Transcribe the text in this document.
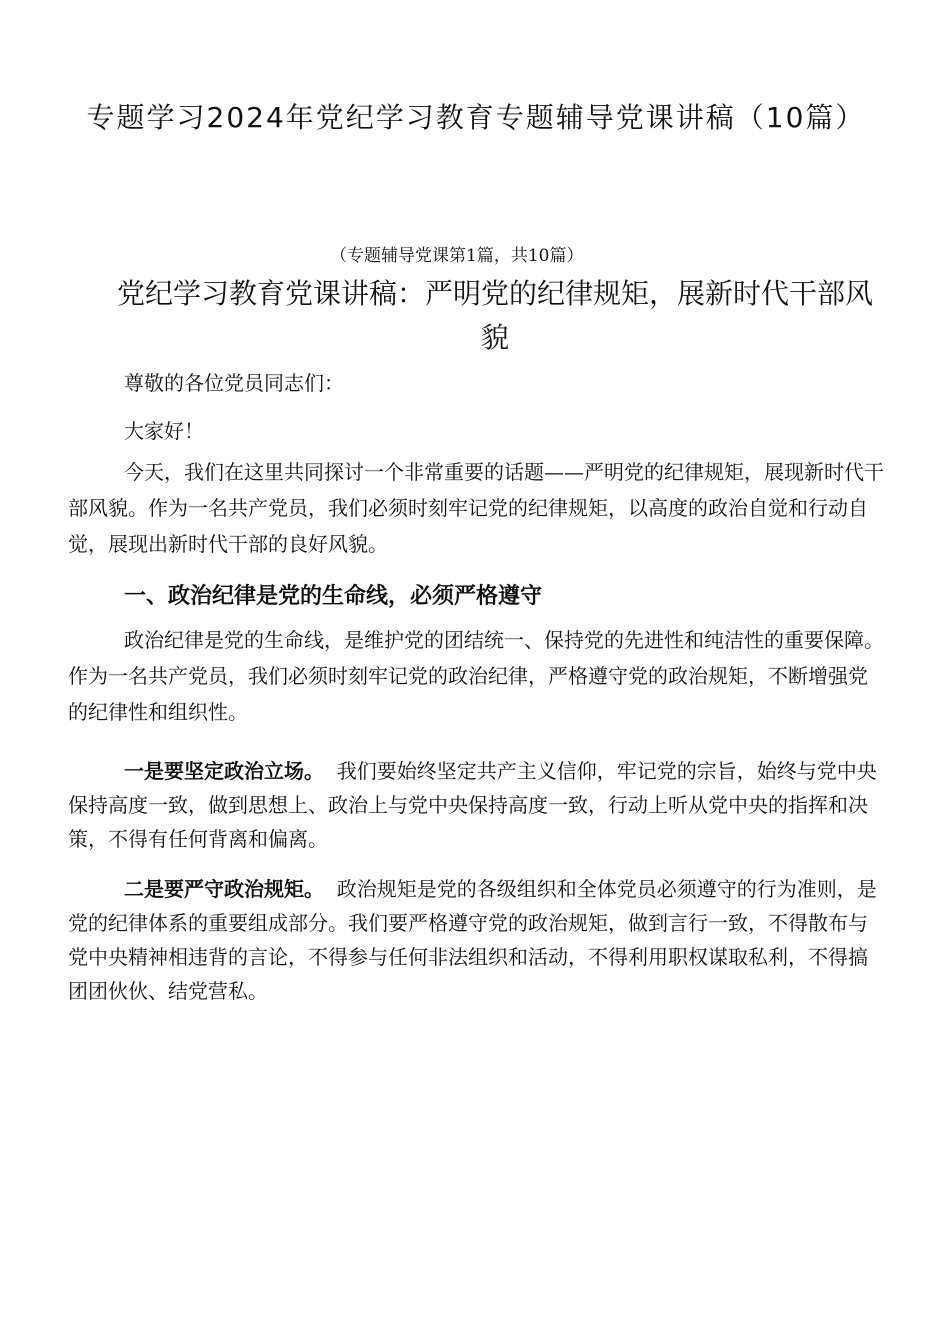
专题学习2024年党纪学习教育专题辅导党课讲稿（10篇）

（专题辅导党课第1篇，共10篇）

党纪学习教育党课讲稿：严明党的纪律规矩，展新时代干部风貌

尊敬的各位党员同志们：

大家好！

今天，我们在这里共同探讨一个非常重要的话题——严明党的纪律规矩，展现新时代干部风貌。作为一名共产党员，我们必须时刻牢记党的纪律规矩，以高度的政治自觉和行动自觉，展现出新时代干部的良好风貌。

一、政治纪律是党的生命线，必须严格遵守

政治纪律是党的生命线，是维护党的团结统一、保持党的先进性和纯洁性的重要保障。作为一名共产党员，我们必须时刻牢记党的政治纪律，严格遵守党的政治规矩，不断增强党的纪律性和组织性。

一是要坚定政治立场。 我们要始终坚定共产主义信仰，牢记党的宗旨，始终与党中央保持高度一致，做到思想上、政治上与党中央保持高度一致，行动上听从党中央的指挥和决策，不得有任何背离和偏离。

二是要严守政治规矩。 政治规矩是党的各级组织和全体党员必须遵守的行为准则，是党的纪律体系的重要组成部分。我们要严格遵守党的政治规矩，做到言行一致，不得散布与党中央精神相违背的言论，不得参与任何非法组织和活动，不得利用职权谋取私利，不得搞团团伙伙、结党营私。
